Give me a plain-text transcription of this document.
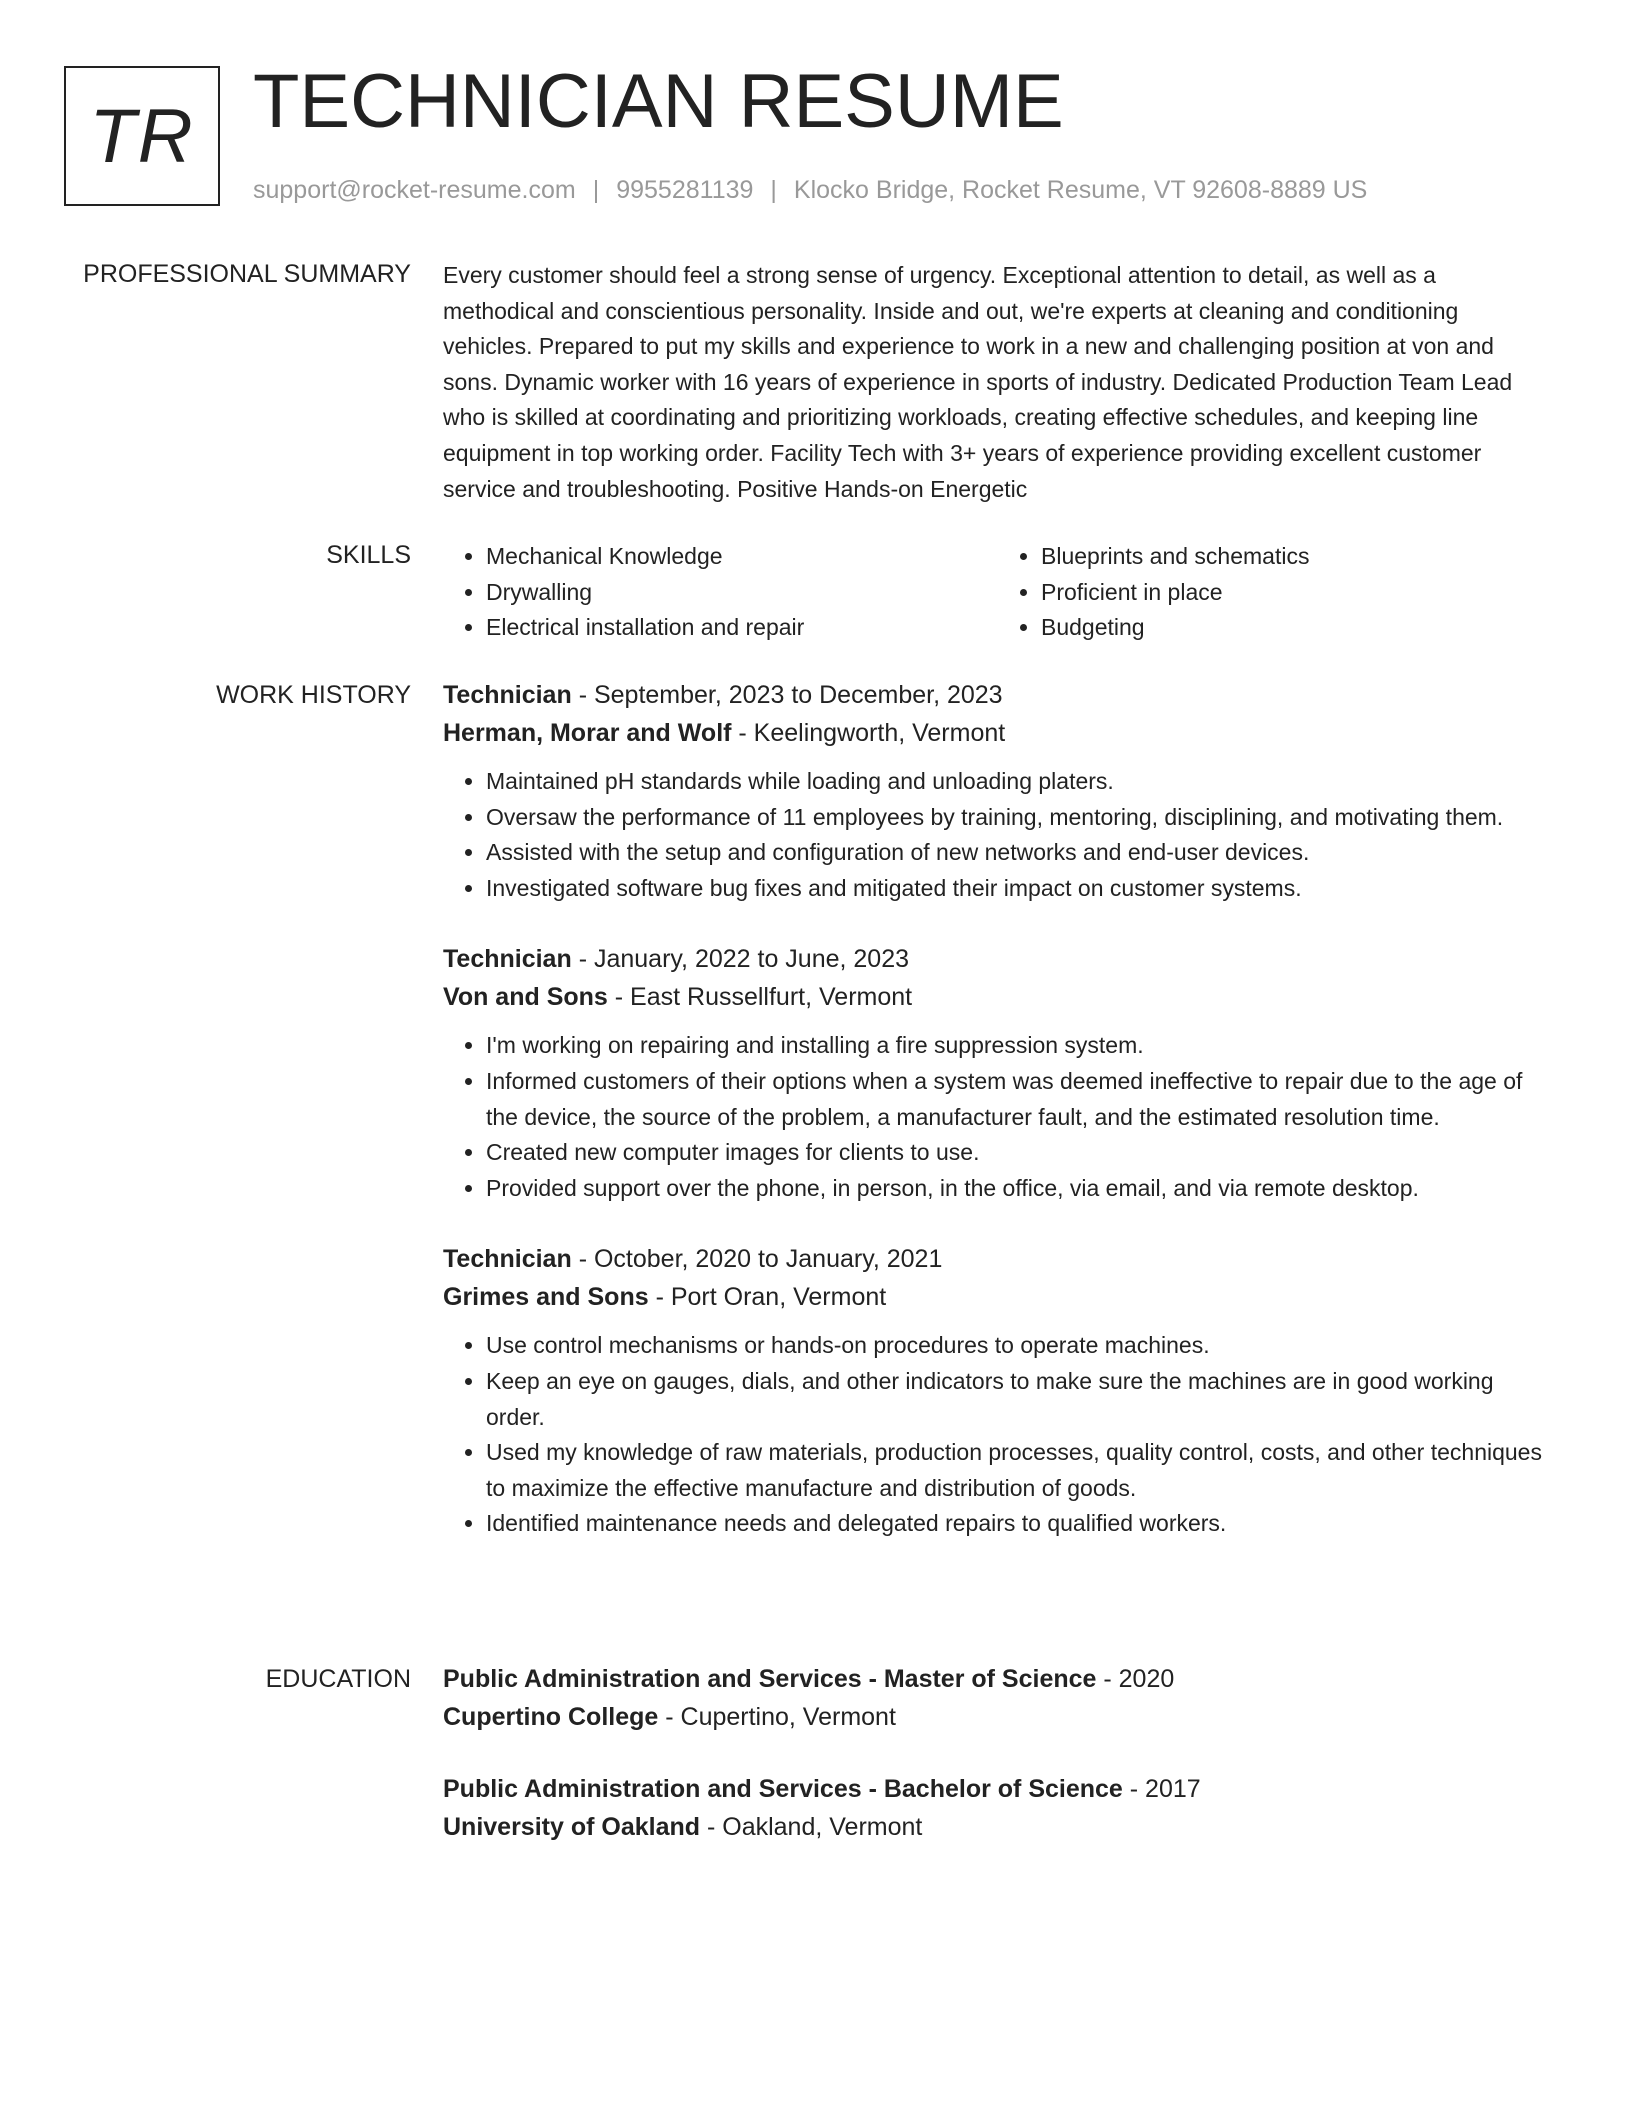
TR TECHNICIAN RESUME
support@rocket-resume.com | 9955281139 | Klocko Bridge, Rocket Resume, VT 92608-8889 US
PROFESSIONAL SUMMARY Every customer should feel a strong sense of urgency. Exceptional attention to detail, as well as a methodical and conscientious personality. Inside and out, we're experts at cleaning and conditioning vehicles. Prepared to put my skills and experience to work in a new and challenging position at von and sons. Dynamic worker with 16 years of experience in sports of industry. Dedicated Production Team Lead who is skilled at coordinating and prioritizing workloads, creating effective schedules, and keeping line equipment in top working order. Facility Tech with 3+ years of experience providing excellent customer service and troubleshooting. Positive Hands-on Energetic

SKILLS
•	Mechanical Knowledge
• Drywalling
• Electrical installation and repair
• Blueprints and schematics
• Proficient in place
• Budgeting
WORK HISTORY Technician - September, 2023 to December, 2023
Herman, Morar and Wolf - Keelingworth, Vermont
• Maintained pH standards while loading and unloading platers.
• Oversaw the performance of 11 employees by training, mentoring, disciplining, and motivating them.
• Assisted with the setup and configuration of new networks and end-user devices.
• Investigated software bug fixes and mitigated their impact on customer systems.
Technician - January, 2022 to June, 2023
Von and Sons - East Russellfurt, Vermont
• I'm working on repairing and installing a fire suppression system.
• Informed customers of their options when a system was deemed ineffective to repair due to the age of the device, the source of the problem, a manufacturer fault, and the estimated resolution time.
• Created new computer images for clients to use.
• Provided support over the phone, in person, in the office, via email, and via remote desktop.
Technician - October, 2020 to January, 2021
Grimes and Sons - Port Oran, Vermont
• Use control mechanisms or hands-on procedures to operate machines.
• Keep an eye on gauges, dials, and other indicators to make sure the machines are in good working order.
• Used my knowledge of raw materials, production processes, quality control, costs, and other techniques to maximize the effective manufacture and distribution of goods.
• Identified maintenance needs and delegated repairs to qualified workers.
EDUCATION Public Administration and Services - Master of Science - 2020
Cupertino College - Cupertino, Vermont
Public Administration and Services - Bachelor of Science - 2017
University of Oakland - Oakland, Vermont
